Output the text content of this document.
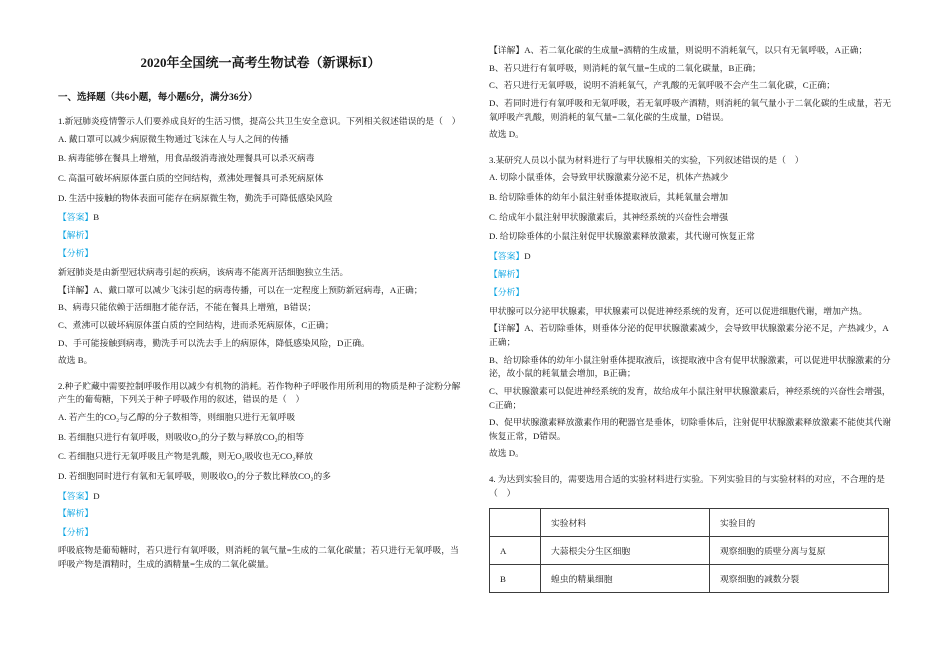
2020年全国统一高考生物试卷（新课标Ⅰ）
一、选择题（共6小题，每小题6分，满分36分）

1.新冠肺炎疫情警示人们要养成良好的生活习惯，提高公共卫生安全意识。下列相关叙述错误的是（　）

A. 戴口罩可以减少病原微生物通过飞沫在人与人之间的传播

B. 病毒能够在餐具上增殖，用食品级消毒液处理餐具可以杀灭病毒

C. 高温可破坏病原体蛋白质的空间结构，煮沸处理餐具可杀死病原体

D. 生活中接触的物体表面可能存在病原微生物，勤洗手可降低感染风险

【答案】B

【解析】

【分析】

新冠肺炎是由新型冠状病毒引起的疾病，该病毒不能离开活细胞独立生活。

【详解】A、戴口罩可以减少飞沫引起的病毒传播，可以在一定程度上预防新冠病毒，A正确；

B、病毒只能依赖于活细胞才能存活，不能在餐具上增殖，B错误；

C、煮沸可以破坏病原体蛋白质的空间结构，进而杀死病原体，C正确；

D、手可能接触到病毒，勤洗手可以洗去手上的病原体，降低感染风险，D正确。

故选 B。

2.种子贮藏中需要控制呼吸作用以减少有机物的消耗。若作物种子呼吸作用所利用的物质是种子淀粉分解产生的葡萄糖，下列关于种子呼吸作用的叙述，错误的是（　）

A. 若产生的CO₂与乙醇的分子数相等，则细胞只进行无氧呼吸

B. 若细胞只进行有氧呼吸，则吸收O₂的分子数与释放CO₂的相等

C. 若细胞只进行无氧呼吸且产物是乳酸，则无O₂吸收也无CO₂释放

D. 若细胞同时进行有氧和无氧呼吸，则吸收O₂的分子数比释放CO₂的多

【答案】D

【解析】

【分析】

呼吸底物是葡萄糖时，若只进行有氧呼吸，则消耗的氧气量=生成的二氧化碳量；若只进行无氧呼吸，当呼吸产物是酒精时，生成的酒精量=生成的二氧化碳量。

【详解】A、若二氧化碳的生成量=酒精的生成量，则说明不消耗氧气，以只有无氧呼吸，A正确；

B、若只进行有氧呼吸，则消耗的氧气量=生成的二氧化碳量，B正确；

C、若只进行无氧呼吸，说明不消耗氧气，产乳酸的无氧呼吸不会产生二氧化碳，C正确；

D、若同时进行有氧呼吸和无氧呼吸，若无氧呼吸产酒精，则消耗的氧气量小于二氧化碳的生成量，若无氧呼吸产乳酸，则消耗的氧气量=二氧化碳的生成量，D错误。

故选 D。

3.某研究人员以小鼠为材料进行了与甲状腺相关的实验，下列叙述错误的是（　）

A. 切除小鼠垂体，会导致甲状腺激素分泌不足，机体产热减少

B. 给切除垂体的幼年小鼠注射垂体提取液后，其耗氧量会增加

C. 给成年小鼠注射甲状腺激素后，其神经系统的兴奋性会增强

D. 给切除垂体的小鼠注射促甲状腺激素释放激素，其代谢可恢复正常

【答案】D

【解析】

【分析】

甲状腺可以分泌甲状腺素，甲状腺素可以促进神经系统的发育，还可以促进细胞代谢，增加产热。

【详解】A、若切除垂体，则垂体分泌的促甲状腺激素减少，会导致甲状腺激素分泌不足，产热减少，A正确；

B、给切除垂体的幼年小鼠注射垂体提取液后，该提取液中含有促甲状腺激素，可以促进甲状腺激素的分泌，故小鼠的耗氧量会增加，B正确；

C、甲状腺激素可以促进神经系统的发育，故给成年小鼠注射甲状腺激素后，神经系统的兴奋性会增强，C正确；

D、促甲状腺激素释放激素作用的靶器官是垂体，切除垂体后，注射促甲状腺激素释放激素不能使其代谢恢复正常，D错误。

故选 D。

4. 为达到实验目的，需要选用合适的实验材料进行实验。下列实验目的与实验材料的对应，不合理的是（　）

	实验材料	实验目的
A	大蒜根尖分生区细胞	观察细胞的质壁分离与复原
B	蝗虫的精巢细胞	观察细胞的减数分裂
